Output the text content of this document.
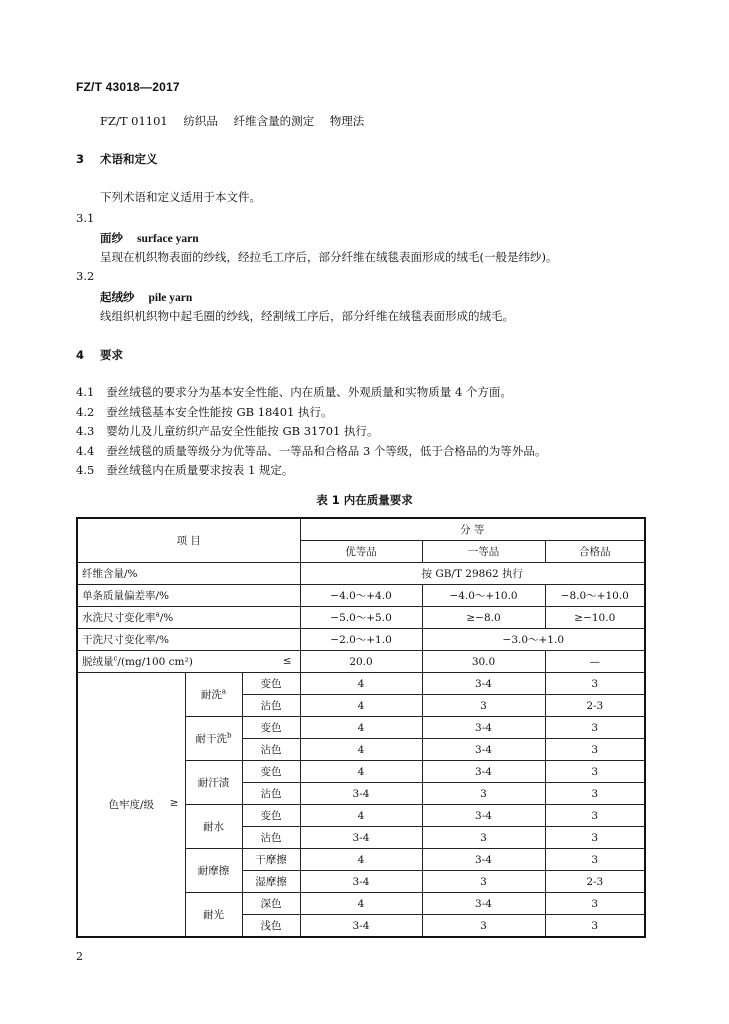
FZ/T 43018—2017
FZ/T 01101 纺织品 纤维含量的测定 物理法
3 术语和定义
下列术语和定义适用于本文件。
3.1
面纱 surface yarn
呈现在机织物表面的纱线，经拉毛工序后，部分纤维在绒毯表面形成的绒毛(一般是纬纱)。
3.2
起绒纱 pile yarn
线组织机织物中起毛圈的纱线，经割绒工序后，部分纤维在绒毯表面形成的绒毛。
4 要求
4.1 蚕丝绒毯的要求分为基本安全性能、内在质量、外观质量和实物质量 4 个方面。
4.2 蚕丝绒毯基本安全性能按 GB 18401 执行。
4.3 婴幼儿及儿童纺织产品安全性能按 GB 31701 执行。
4.4 蚕丝绒毯的质量等级分为优等品、一等品和合格品 3 个等级，低于合格品的为等外品。
4.5 蚕丝绒毯内在质量要求按表 1 规定。
表 1 内在质量要求
项 目			分 等		
			优等品	一等品	合格品
纤维含量/%			按 GB/T 29862 执行		
单条质量偏差率/%			−4.0～+4.0	−4.0～+10.0	−8.0～+10.0
水洗尺寸变化率$^a$/%			−5.0～+5.0	≥−8.0	≥−10.0
干洗尺寸变化率/%			−2.0～+1.0	−3.0～+1.0	
脱绒量$^c$/(mg/100 cm²) ≤			20.0	30.0	—
色牢度/级 ≥	耐洗$^a$	变色	4	3-4	3
		沾色	4	3	2-3
	耐干洗$^b$	变色	4	3-4	3
		沾色	4	3-4	3
	耐汗渍	变色	4	3-4	3
		沾色	3-4	3	3
	耐水	变色	4	3-4	3
		沾色	3-4	3	3
	耐摩擦	干摩擦	4	3-4	3
		湿摩擦	3-4	3	2-3
	耐光	深色	4	3-4	3
		浅色	3-4	3	3
2
